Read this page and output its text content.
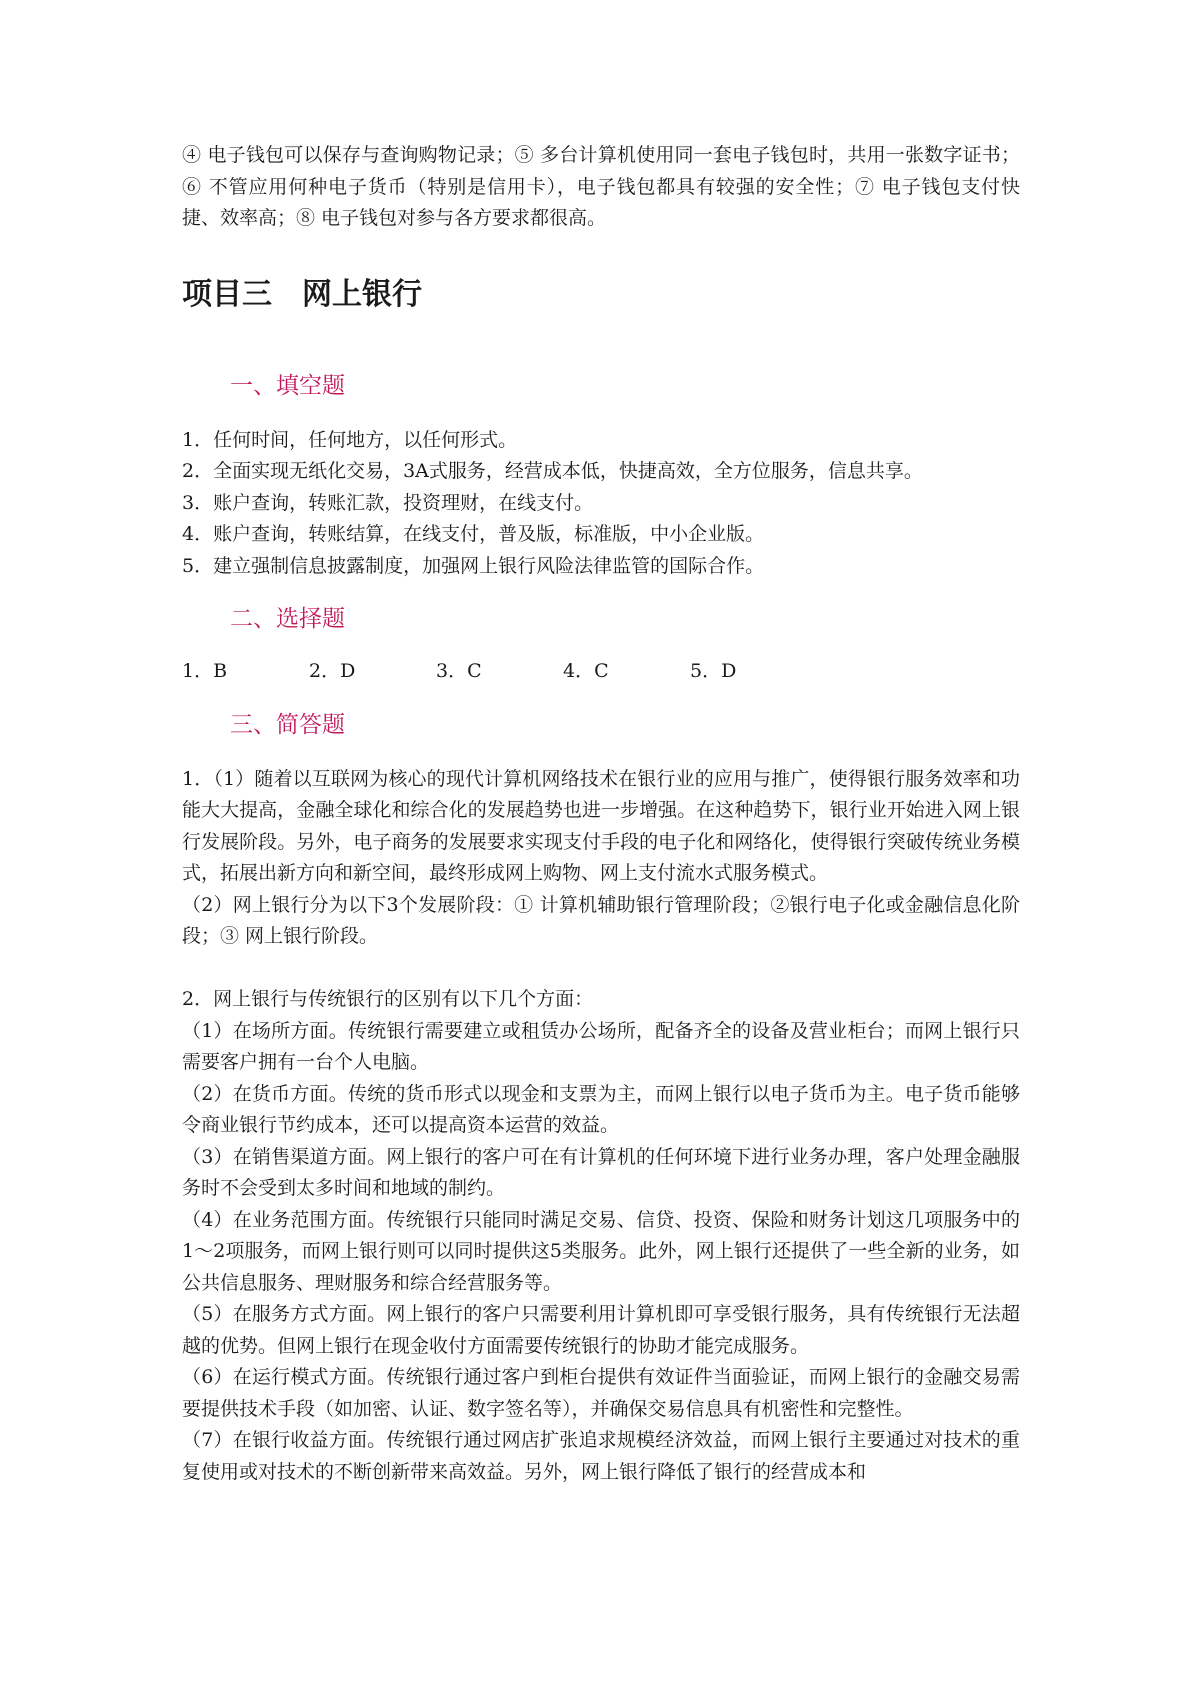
④ 电子钱包可以保存与查询购物记录；⑤ 多台计算机使用同一套电子钱包时，共用一张数字证书；⑥ 不管应用何种电子货币（特别是信用卡），电子钱包都具有较强的安全性；⑦ 电子钱包支付快捷、效率高；⑧ 电子钱包对参与各方要求都很高。

项目三　网上银行
一、填空题

1．任何时间，任何地方，以任何形式。

2．全面实现无纸化交易，3A式服务，经营成本低，快捷高效，全方位服务，信息共享。

3．账户查询，转账汇款，投资理财，在线支付。

4．账户查询，转账结算，在线支付，普及版，标准版，中小企业版。

5．建立强制信息披露制度，加强网上银行风险法律监管的国际合作。

二、选择题
1．B	2．D	3．C	4．C	5．D
三、简答题

1．（1）随着以互联网为核心的现代计算机网络技术在银行业的应用与推广，使得银行服务效率和功能大大提高，金融全球化和综合化的发展趋势也进一步增强。在这种趋势下，银行业开始进入网上银行发展阶段。另外，电子商务的发展要求实现支付手段的电子化和网络化，使得银行突破传统业务模式，拓展出新方向和新空间，最终形成网上购物、网上支付流水式服务模式。

（2）网上银行分为以下3个发展阶段：① 计算机辅助银行管理阶段；②银行电子化或金融信息化阶段；③ 网上银行阶段。

2．网上银行与传统银行的区别有以下几个方面：

（1）在场所方面。传统银行需要建立或租赁办公场所，配备齐全的设备及营业柜台；而网上银行只需要客户拥有一台个人电脑。

（2）在货币方面。传统的货币形式以现金和支票为主，而网上银行以电子货币为主。电子货币能够令商业银行节约成本，还可以提高资本运营的效益。

（3）在销售渠道方面。网上银行的客户可在有计算机的任何环境下进行业务办理，客户处理金融服务时不会受到太多时间和地域的制约。

（4）在业务范围方面。传统银行只能同时满足交易、信贷、投资、保险和财务计划这几项服务中的1～2项服务，而网上银行则可以同时提供这5类服务。此外，网上银行还提供了一些全新的业务，如公共信息服务、理财服务和综合经营服务等。

（5）在服务方式方面。网上银行的客户只需要利用计算机即可享受银行服务，具有传统银行无法超越的优势。但网上银行在现金收付方面需要传统银行的协助才能完成服务。

（6）在运行模式方面。传统银行通过客户到柜台提供有效证件当面验证，而网上银行的金融交易需要提供技术手段（如加密、认证、数字签名等），并确保交易信息具有机密性和完整性。

（7）在银行收益方面。传统银行通过网店扩张追求规模经济效益，而网上银行主要通过对技术的重复使用或对技术的不断创新带来高效益。另外，网上银行降低了银行的经营成本和
